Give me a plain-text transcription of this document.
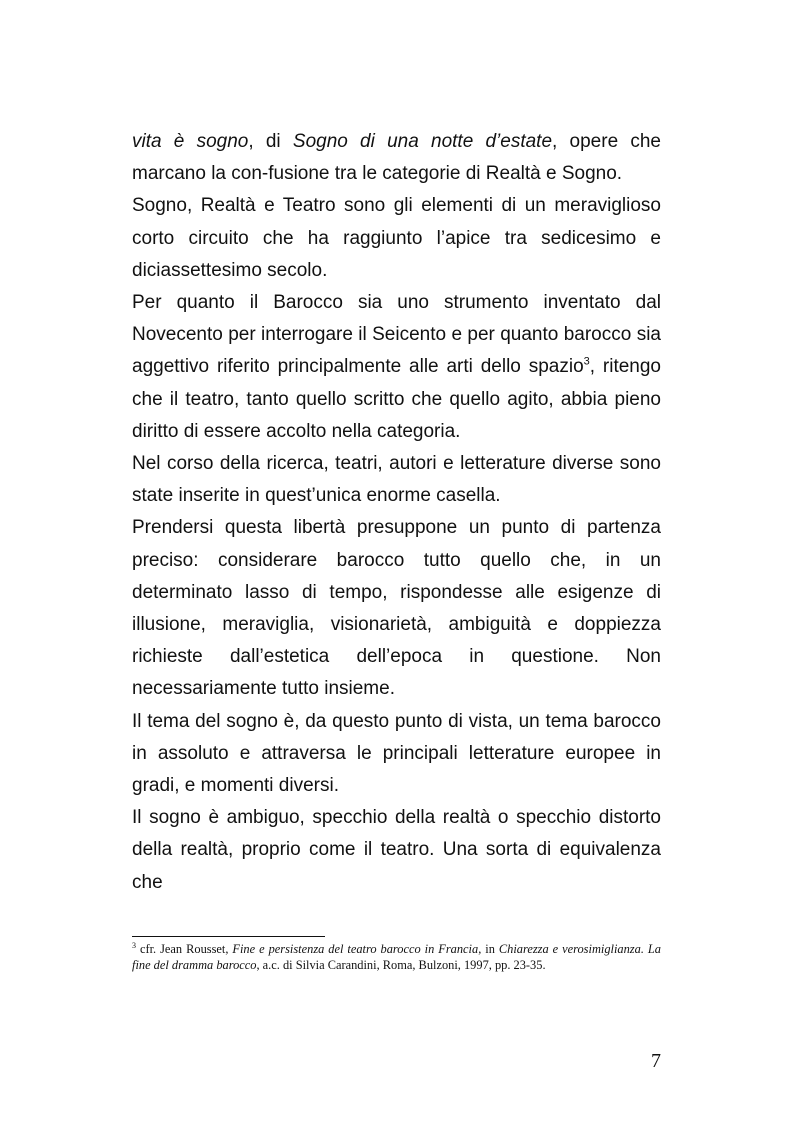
vita è sogno, di Sogno di una notte d’estate, opere che marcano la con-fusione tra le categorie di Realtà e Sogno.

Sogno, Realtà e Teatro sono gli elementi di un meraviglioso corto circuito che ha raggiunto l’apice tra sedicesimo e diciassettesimo secolo.

Per quanto il Barocco sia uno strumento inventato dal Novecento per interrogare il Seicento e per quanto barocco sia aggettivo riferito principalmente alle arti dello spazio$^3$, ritengo che il teatro, tanto quello scritto che quello agito, abbia pieno diritto di essere accolto nella categoria.

Nel corso della ricerca, teatri, autori e letterature diverse sono state inserite in quest’unica enorme casella.

Prendersi questa libertà presuppone un punto di partenza preciso: considerare barocco tutto quello che, in un determinato lasso di tempo, rispondesse alle esigenze di illusione, meraviglia, visionarietà, ambiguità e doppiezza richieste dall’estetica dell’epoca in questione. Non necessariamente tutto insieme.

Il tema del sogno è, da questo punto di vista, un tema barocco in assoluto e attraversa le principali letterature europee in gradi, e momenti diversi.

Il sogno è ambiguo, specchio della realtà o specchio distorto della realtà, proprio come il teatro. Una sorta di equivalenza che

$^3$ cfr. Jean Rousset, Fine e persistenza del teatro barocco in Francia, in Chiarezza e verosimiglianza. La fine del dramma barocco, a.c. di Silvia Carandini, Roma, Bulzoni, 1997, pp. 23-35.
7
